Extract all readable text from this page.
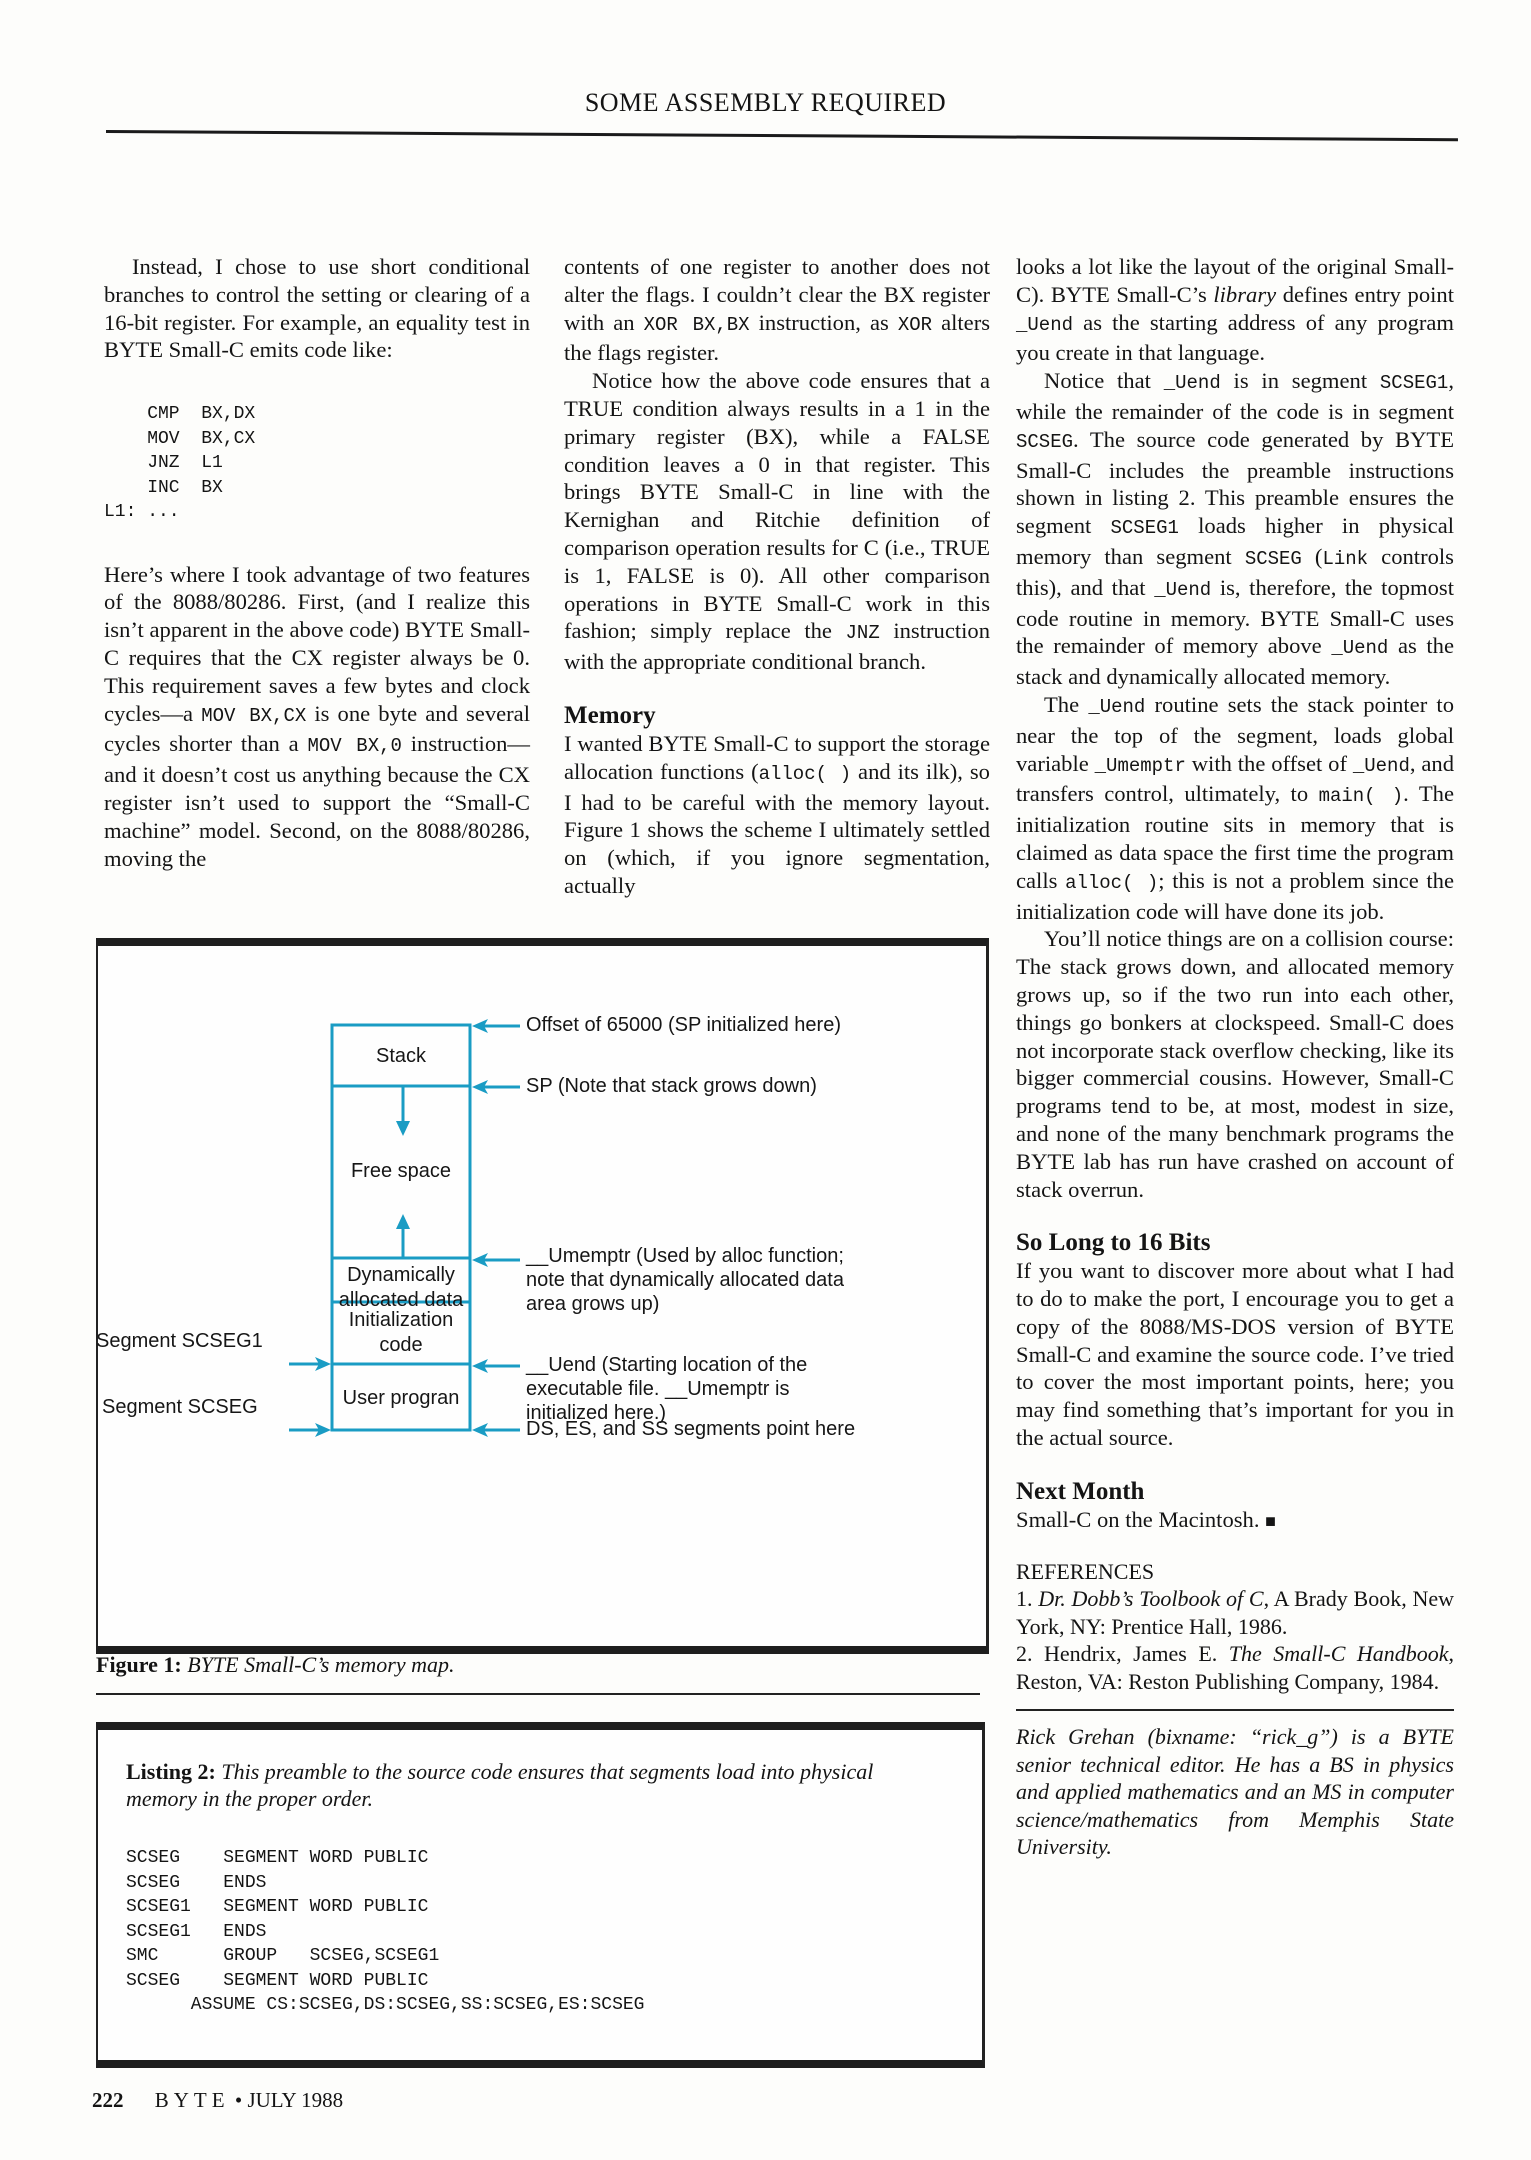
SOME ASSEMBLY REQUIRED

Instead, I chose to use short conditional branches to control the setting or clearing of a 16-bit register. For example, an equality test in BYTE Small-C emits code like:

CMP  BX,DX
MOV  BX,CX
JNZ  L1
INC  BX
L1: ...

Here’s where I took advantage of two features of the 8088/80286. First, (and I realize this isn’t apparent in the above code) BYTE Small-C requires that the CX register always be 0. This requirement saves a few bytes and clock cycles—a MOV BX,CX is one byte and several cycles shorter than a MOV BX,0 instruction—and it doesn’t cost us anything because the CX register isn’t used to support the “Small-C machine” model. Second, on the 8088/80286, moving the

contents of one register to another does not alter the flags. I couldn’t clear the BX register with an XOR BX,BX instruction, as XOR alters the flags register.

Notice how the above code ensures that a TRUE condition always results in a 1 in the primary register (BX), while a FALSE condition leaves a 0 in that register. This brings BYTE Small-C in line with the Kernighan and Ritchie definition of comparison operation results for C (i.e., TRUE is 1, FALSE is 0). All other comparison operations in BYTE Small-C work in this fashion; simply replace the JNZ instruction with the appropriate conditional branch.

Memory

I wanted BYTE Small-C to support the storage allocation functions (alloc( ) and its ilk), so I had to be careful with the memory layout. Figure 1 shows the scheme I ultimately settled on (which, if you ignore segmentation, actually

looks a lot like the layout of the original Small-C). BYTE Small-C’s library defines entry point _Uend as the starting address of any program you create in that language.

Notice that _Uend is in segment SCSEG1, while the remainder of the code is in segment SCSEG. The source code generated by BYTE Small-C includes the preamble instructions shown in listing 2. This preamble ensures the segment SCSEG1 loads higher in physical memory than segment SCSEG (Link controls this), and that _Uend is, therefore, the topmost code routine in memory. BYTE Small-C uses the remainder of memory above _Uend as the stack and dynamically allocated memory.

The _Uend routine sets the stack pointer to near the top of the segment, loads global variable _Umemptr with the offset of _Uend, and transfers control, ultimately, to main( ). The initialization routine sits in memory that is claimed as data space the first time the program calls alloc( ); this is not a problem since the initialization code will have done its job.

You’ll notice things are on a collision course: The stack grows down, and allocated memory grows up, so if the two run into each other, things go bonkers at clockspeed. Small-C does not incorporate stack overflow checking, like its bigger commercial cousins. However, Small-C programs tend to be, at most, modest in size, and none of the many benchmark programs the BYTE lab has run have crashed on account of stack overrun.

So Long to 16 Bits

If you want to discover more about what I had to do to make the port, I encourage you to get a copy of the 8088/MS-DOS version of BYTE Small-C and examine the source code. I’ve tried to cover the most important points, here; you may find something that’s important for you in the actual source.

Next Month

Small-C on the Macintosh. ■

REFERENCES
1. Dr. Dobb’s Toolbook of C, A Brady Book, New York, NY: Prentice Hall, 1986.
2. Hendrix, James E. The Small-C Handbook, Reston, VA: Reston Publishing Company, 1984.
Rick Grehan (bixname: “rick_g”) is a BYTE senior technical editor. He has a BS in physics and applied mathematics and an MS in computer science/mathematics from Memphis State University.
Stack
Free space
Dynamically
allocated data
Initialization
code
User progran
Offset of 65000 (SP initialized here)
SP (Note that stack grows down)
__Umemptr (Used by alloc function;
note that dynamically allocated data
area grows up)
__Uend (Starting location of the
executable file. __Umemptr is
initialized here.)
DS, ES, and SS segments point here
Segment SCSEG1
Segment SCSEG
Figure 1: BYTE Small-C’s memory map.
Listing 2: This preamble to the source code ensures that segments load into physical memory in the proper order.
SCSEG    SEGMENT WORD PUBLIC
SCSEG    ENDS
SCSEG1   SEGMENT WORD PUBLIC
SCSEG1   ENDS
SMC      GROUP   SCSEG,SCSEG1
SCSEG    SEGMENT WORD PUBLIC
ASSUME CS:SCSEG,DS:SCSEG,SS:SCSEG,ES:SCSEG
222 BYTE • JULY 1988
